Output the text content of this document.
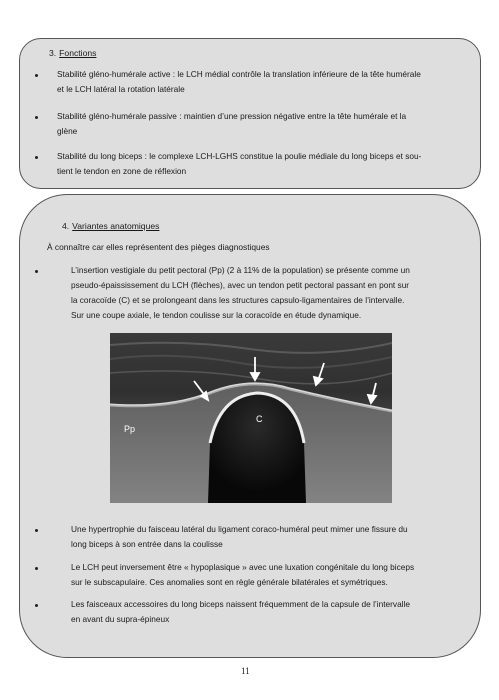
3. Fonctions
Stabilité gléno-humérale active : le LCH médial contrôle la translation inférieure de la tête humérale
et le LCH latéral la rotation latérale
Stabilité gléno-humérale passive : maintien d’une pression négative entre la tête humérale et la
glène
Stabilité du long biceps : le complexe LCH-LGHS constitue la poulie médiale du long biceps et sou-
tient le tendon en zone de réflexion
4. Variantes anatomiques
À connaître car elles représentent des pièges diagnostiques
L’insertion vestigiale du petit pectoral (Pp) (2 à 11% de la population) se présente comme un
pseudo-épaississement du LCH (flèches), avec un tendon petit pectoral passant en pont sur
la coracoïde (C) et se prolongeant dans les structures capsulo-ligamentaires de l’intervalle.
Sur une coupe axiale, le tendon coulisse sur la coracoïde en étude dynamique.
Pp
C
Une hypertrophie du faisceau latéral du ligament coraco-huméral peut mimer une fissure du
long biceps à son entrée dans la coulisse
Le LCH peut inversement être « hypoplasique » avec une luxation congénitale du long biceps
sur le subscapulaire. Ces anomalies sont en règle générale bilatérales et symétriques.
Les faisceaux accessoires du long biceps naissent fréquemment de la capsule de l’intervalle
en avant du supra-épineux
11
